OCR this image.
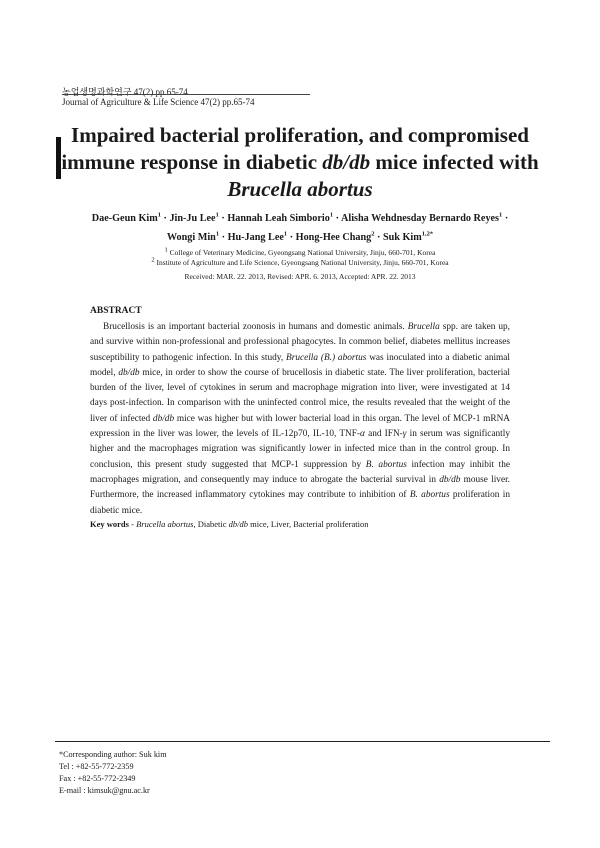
농업생명과학연구 47(2) pp.65-74
Journal of Agriculture & Life Science 47(2) pp.65-74
Impaired bacterial proliferation, and compromised
immune response in diabetic db/db mice infected with
Brucella abortus
Dae-Geun Kim$^1$ · Jin-Ju Lee$^1$ · Hannah Leah Simborio$^1$ · Alisha Wehdnesday Bernardo Reyes$^1$ ·
Wongi Min$^1$ · Hu-Jang Lee$^1$ · Hong-Hee Chang$^2$ · Suk Kim$^{1,2*}$
$^1$ College of Veterinary Medicine, Gyeongsang National University, Jinju, 660-701, Korea
$^2$ Institute of Agriculture and Life Science, Gyeongsang National University, Jinju, 660-701, Korea
Received: MAR. 22. 2013, Revised: APR. 6. 2013, Accepted: APR. 22. 2013
ABSTRACT
Brucellosis is an important bacterial zoonosis in humans and domestic animals. Brucella spp. are taken up, and survive within non-professional and professional phagocytes. In common belief, diabetes mellitus increases susceptibility to pathogenic infection. In this study, Brucella (B.) abortus was inoculated into a diabetic animal model, db/db mice, in order to show the course of brucellosis in diabetic state. The liver proliferation, bacterial burden of the liver, level of cytokines in serum and macrophage migration into liver, were investigated at 14 days post-infection. In comparison with the uninfected control mice, the results revealed that the weight of the liver of infected db/db mice was higher but with lower bacterial load in this organ. The level of MCP-1 mRNA expression in the liver was lower, the levels of IL-12p70, IL-10, TNF-α and IFN-γ in serum was significantly higher and the macrophages migration was significantly lower in infected mice than in the control group. In conclusion, this present study suggested that MCP-1 suppression by B. abortus infection may inhibit the macrophages migration, and consequently may induce to abrogate the bacterial survival in db/db mouse liver. Furthermore, the increased inflammatory cytokines may contribute to inhibition of B. abortus proliferation in diabetic mice.
Key words - Brucella abortus, Diabetic db/db mice, Liver, Bacterial proliferation
*Corresponding author: Suk kim
Tel : +82-55-772-2359
Fax : +82-55-772-2349
E-mail : kimsuk@gnu.ac.kr
